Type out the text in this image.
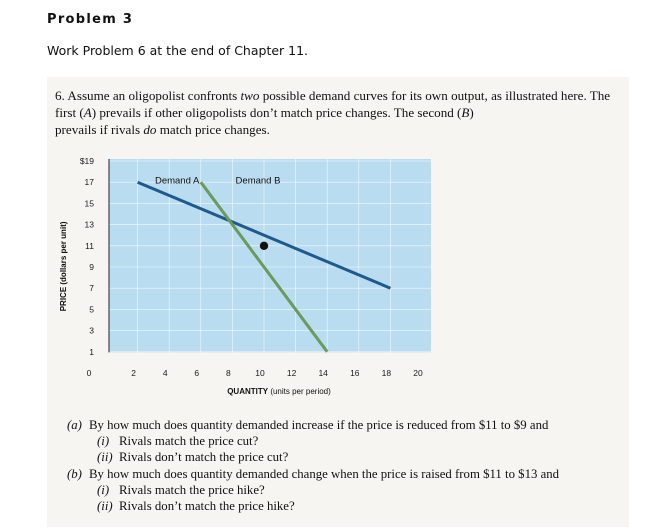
Problem 3
Work Problem 6 at the end of Chapter 11.
6. Assume an oligopolist confronts two possible demand curves for its own output, as illustrated here. The first (A) prevails if other oligopolists don’t match price changes. The second (B)
prevails if rivals do match price changes.
$19
17
15
13
11
9
7
5
3
1
0	2	4	6	8	10	12	14	16	18	20
QUANTITY (units per period)
PRICE (dollars per unit)
Demand A	Demand B
(a) By how much does quantity demanded increase if the price is reduced from $11 to $9 and
(i) Rivals match the price cut?
(ii) Rivals don’t match the price cut?
(b) By how much does quantity demanded change when the price is raised from $11 to $13 and
(i) Rivals match the price hike?
(ii) Rivals don’t match the price hike?
